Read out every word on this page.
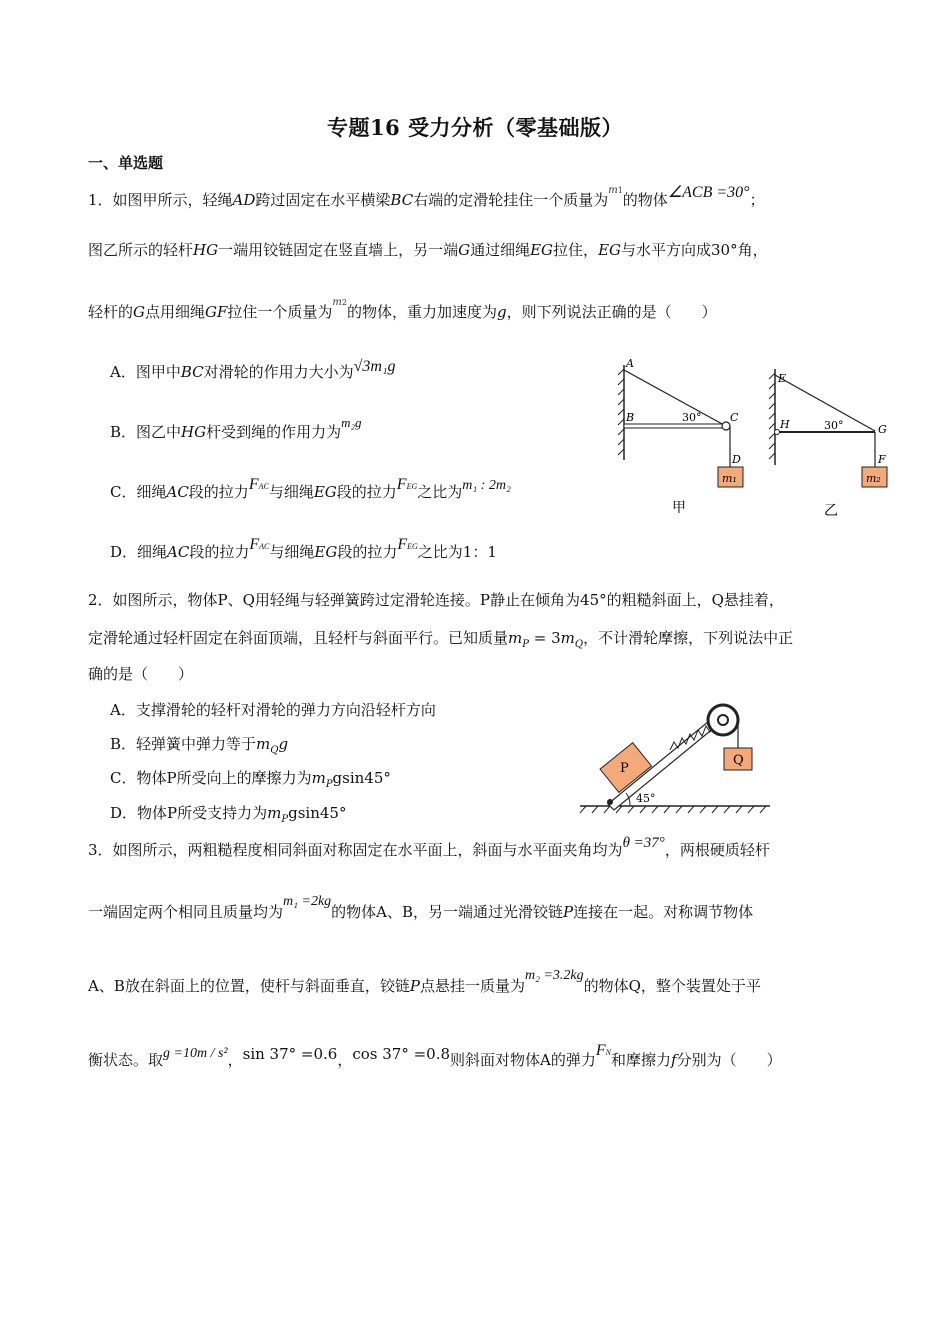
专题16 受力分析（零基础版）
一、单选题
1．如图甲所示，轻绳AD跨过固定在水平横梁BC右端的定滑轮挂住一个质量为$^{m1}$的物体∠ACB =30°；
图乙所示的轻杆HG一端用铰链固定在竖直墙上，另一端G通过细绳EG拉住，EG与水平方向成30°角，
轻杆的G点用细绳GF拉住一个质量为$^{m2}$的物体，重力加速度为g，则下列说法正确的是（　　）
A．图甲中BC对滑轮的作用力大小为√3m₁g
B．图乙中HG杆受到绳的作用力为m₂g
C．细绳AC段的拉力FAC与细绳EG段的拉力FEG之比为m₁ : 2m₂
D．细绳AC段的拉力FAC与细绳EG段的拉力FEG之比为1：1
A
B	C
D
30°
m₁
甲
E
H	G
F
30°
m₂
乙
2．如图所示，物体P、Q用轻绳与轻弹簧跨过定滑轮连接。P静止在倾角为45°的粗糙斜面上，Q悬挂着，
定滑轮通过轻杆固定在斜面顶端，且轻杆与斜面平行。已知质量$m_P = 3m_Q$，不计滑轮摩擦，下列说法中正
确的是（　　）
A．支撑滑轮的轻杆对滑轮的弹力方向沿轻杆方向
B．轻弹簧中弹力等于$m_Qg$
C．物体P所受向上的摩擦力为$m_Pgsin45^\circ$
D．物体P所受支持力为$m_Pgsin45^\circ$
P
Q
45°
3．如图所示，两粗糙程度相同斜面对称固定在水平面上，斜面与水平面夹角均为θ =37°，两根硬质轻杆
一端固定两个相同且质量均为m₁ =2kg的物体A、B，另一端通过光滑铰链P连接在一起。对称调节物体
A、B放在斜面上的位置，使杆与斜面垂直，铰链P点悬挂一质量为m₂ =3.2kg的物体Q，整个装置处于平
衡状态。取g =10m / s²，sin 37° =0.6，cos 37° =0.8则斜面对物体A的弹力FN和摩擦力f分别为（　　）
